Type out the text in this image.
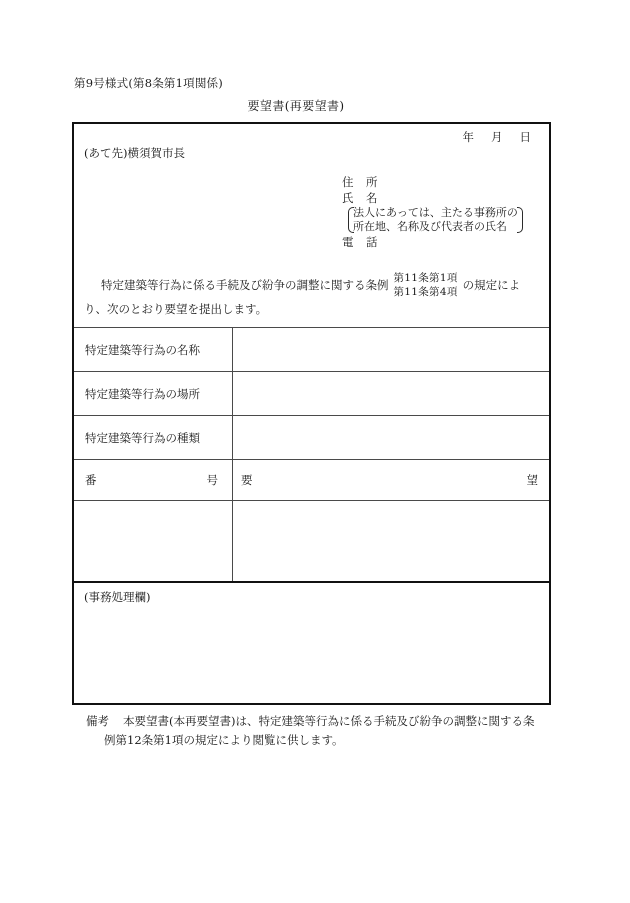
第9号様式(第8条第1項関係)
要望書(再要望書)
年 月 日
(あて先)横須賀市長
住　所
氏　名
法人にあっては、主たる事務所の
所在地、名称及び代表者の氏名
電　話
特定建築等行為に係る手続及び紛争の調整に関する条例 第11条第1項
第11条第4項 の規定によ
り、次のとおり要望を提出します。
特定建築等行為の名称	
特定建築等行為の場所	
特定建築等行為の種類	

番 号	要 望

(事務処理欄)	
備考 本要望書(本再要望書)は、特定建築等行為に係る手続及び紛争の調整に関する条
例第12条第1項の規定により閲覧に供します。
